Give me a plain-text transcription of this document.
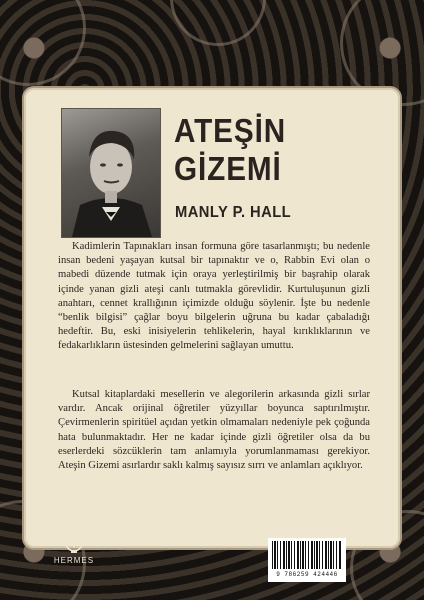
ATEŞİN
GİZEMİ
MANLY P. HALL

Kadimlerin Tapınakları insan formuna göre tasarlanmıştı; bu nedenle insan bedeni yaşayan kutsal bir tapınaktır ve o, Rabbin Evi olan o mabedi düzende tutmak için oraya yerleştirilmiş bir başrahip olarak içinde yanan gizli ateşi canlı tutmakla görevlidir. Kurtuluşunun gizli anahtarı, cennet krallığının içimizde olduğu söylenir. İşte bu nedenle “benlik bilgisi” çağlar boyu bilgelerin uğruna bu kadar çabaladığı hedeftir. Bu, eski inisiyelerin tehlikelerin, hayal kırıklıklarının ve fedakarlıkların üstesinden gelmelerini sağlayan umuttu.

Kutsal kitaplardaki mesellerin ve alegorilerin arkasında gizli sırlar vardır. Ancak orijinal öğretiler yüzyıllar boyunca saptırılmıştır. Çevirmenlerin spiritüel açıdan yetkin olmamaları nedeniyle pek çoğunda hata bulunmaktadır. Her ne kadar içinde gizli öğretiler olsa da bu eserlerdeki sözcüklerin tam anlamıyla yorumlanmaması gerekiyor. Ateşin Gizemi asırlardır saklı kalmış sayısız sırrı ve anlamları açıklıyor.

HERMES
9 786259 424446
